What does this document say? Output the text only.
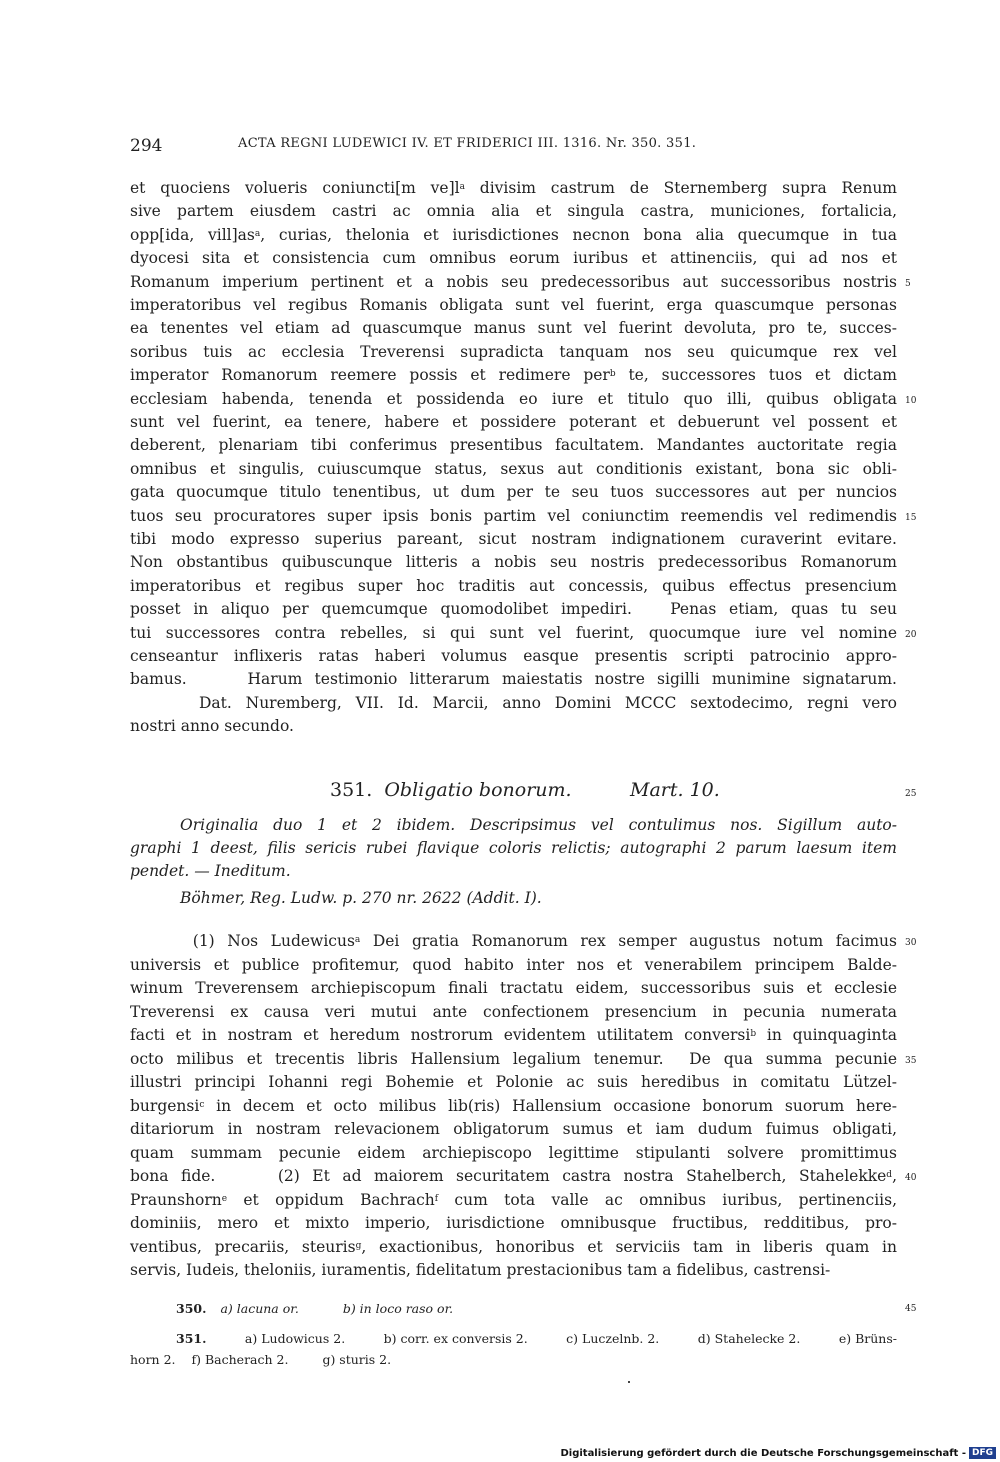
294	ACTA REGNI LUDEWICI IV. ET FRIDERICI III. 1316. Nr. 350. 351.
et quociens volueris coniuncti[m $ve]l^a$ divisim castrum de Sternemberg supra Renum
sive partem eiusdem castri ac omnia alia et singula castra, municiones, fortalicia,
opp[ida, $vill]as^a$, curias, thelonia et iurisdictiones necnon bona alia quecumque in tua
dyocesi sita et consistencia cum omnibus eorum iuribus et attinenciis, qui ad nos et
Romanum imperium pertinent et a nobis seu predecessoribus aut successoribus nostris
imperatoribus vel regibus Romanis obligata sunt vel fuerint, erga quascumque personas
ea tenentes vel etiam ad quascumque manus sunt vel fuerint devoluta, pro te, succes-
soribus tuis ac ecclesia Treverensi supradicta tanquam nos seu quicumque rex vel
imperator Romanorum reemere possis et redimere per$^b$ te, successores tuos et dictam
ecclesiam habenda, tenenda et possidenda eo iure et titulo quo illi, quibus obligata
sunt vel fuerint, ea tenere, habere et possidere poterant et debuerunt vel possent et
deberent, plenariam tibi conferimus presentibus facultatem. Mandantes auctoritate regia
omnibus et singulis, cuiuscumque status, sexus aut conditionis existant, bona sic obli-
gata quocumque titulo tenentibus, ut dum per te seu tuos successores aut per nuncios
tuos seu procuratores super ipsis bonis partim vel coniunctim reemendis vel redimendis
tibi modo expresso superius pareant, sicut nostram indignationem curaverint evitare.
Non obstantibus quibuscunque litteris a nobis seu nostris predecessoribus Romanorum
imperatoribus et regibus super hoc traditis aut concessis, quibus effectus presencium
posset in aliquo per quemcumque quomodolibet impediri.   Penas etiam, quas tu seu
tui successores contra rebelles, si qui sunt vel fuerint, quocumque iure vel nomine
censeantur inflixeris ratas haberi volumus easque presentis scripti patrocinio appro-
bamus.     Harum testimonio litterarum maiestatis nostre sigilli munimine signatarum.
Dat. Nuremberg, VII. Id. Marcii, anno Domini MCCC sextodecimo, regni vero
nostri anno secundo.
5
10
15
20
351. Obligatio bonorum.	Mart. 10.	25
Originalia duo 1 et 2 ibidem. Descripsimus vel contulimus nos. Sigillum auto-
graphi 1 deest, filis sericis rubei flavique coloris relictis; autographi 2 parum laesum item
pendet. — Ineditum.
Böhmer, Reg. Ludw. p. 270 nr. 2622 (Addit. I).
(1) Nos Ludewicus$^a$ Dei gratia Romanorum rex semper augustus notum facimus
universis et publice profitemur, quod habito inter nos et venerabilem principem Balde-
winum Treverensem archiepiscopum finali tractatu eidem, successoribus suis et ecclesie
Treverensi ex causa veri mutui ante confectionem presencium in pecunia numerata
facti et in nostram et heredum nostrorum evidentem utilitatem conversi$^b$ in quinquaginta
octo milibus et trecentis libris Hallensium legalium tenemur.  De qua summa pecunie
illustri principi Iohanni regi Bohemie et Polonie ac suis heredibus in comitatu Lützel-
burgensi$^c$ in decem et octo milibus lib(ris) Hallensium occasione bonorum suorum here-
ditariorum in nostram relevacionem obligatorum sumus et iam dudum fuimus obligati,
quam summam pecunie eidem archiepiscopo legittime stipulanti solvere promittimus
bona fide.     (2) Et ad maiorem securitatem castra nostra Stahelberch, Stahelekke$^d$,
Praunshorn$^e$ et oppidum Bachrach$^f$ cum tota valle ac omnibus iuribus, pertinenciis,
dominiis, mero et mixto imperio, iurisdictione omnibusque fructibus, redditibus, pro-
ventibus, precariis, steuris$^g$, exactionibus, honoribus et serviciis tam in liberis quam in
servis, Iudeis, theloniis, iuramentis, fidelitatum prestacionibus tam a fidelibus, castrensi-
30
35
40
350. a) lacuna or.	b) in loco raso or.	45
351.	a) Ludowicus 2.	b) corr. ex conversis 2.	c) Luczelnb. 2.	d) Stahelecke 2.	e) Brüns-
horn 2. f) Bacherach 2.	g) sturis 2.
Digitalisierung gefördert durch die Deutsche Forschungsgemeinschaft - DFG
